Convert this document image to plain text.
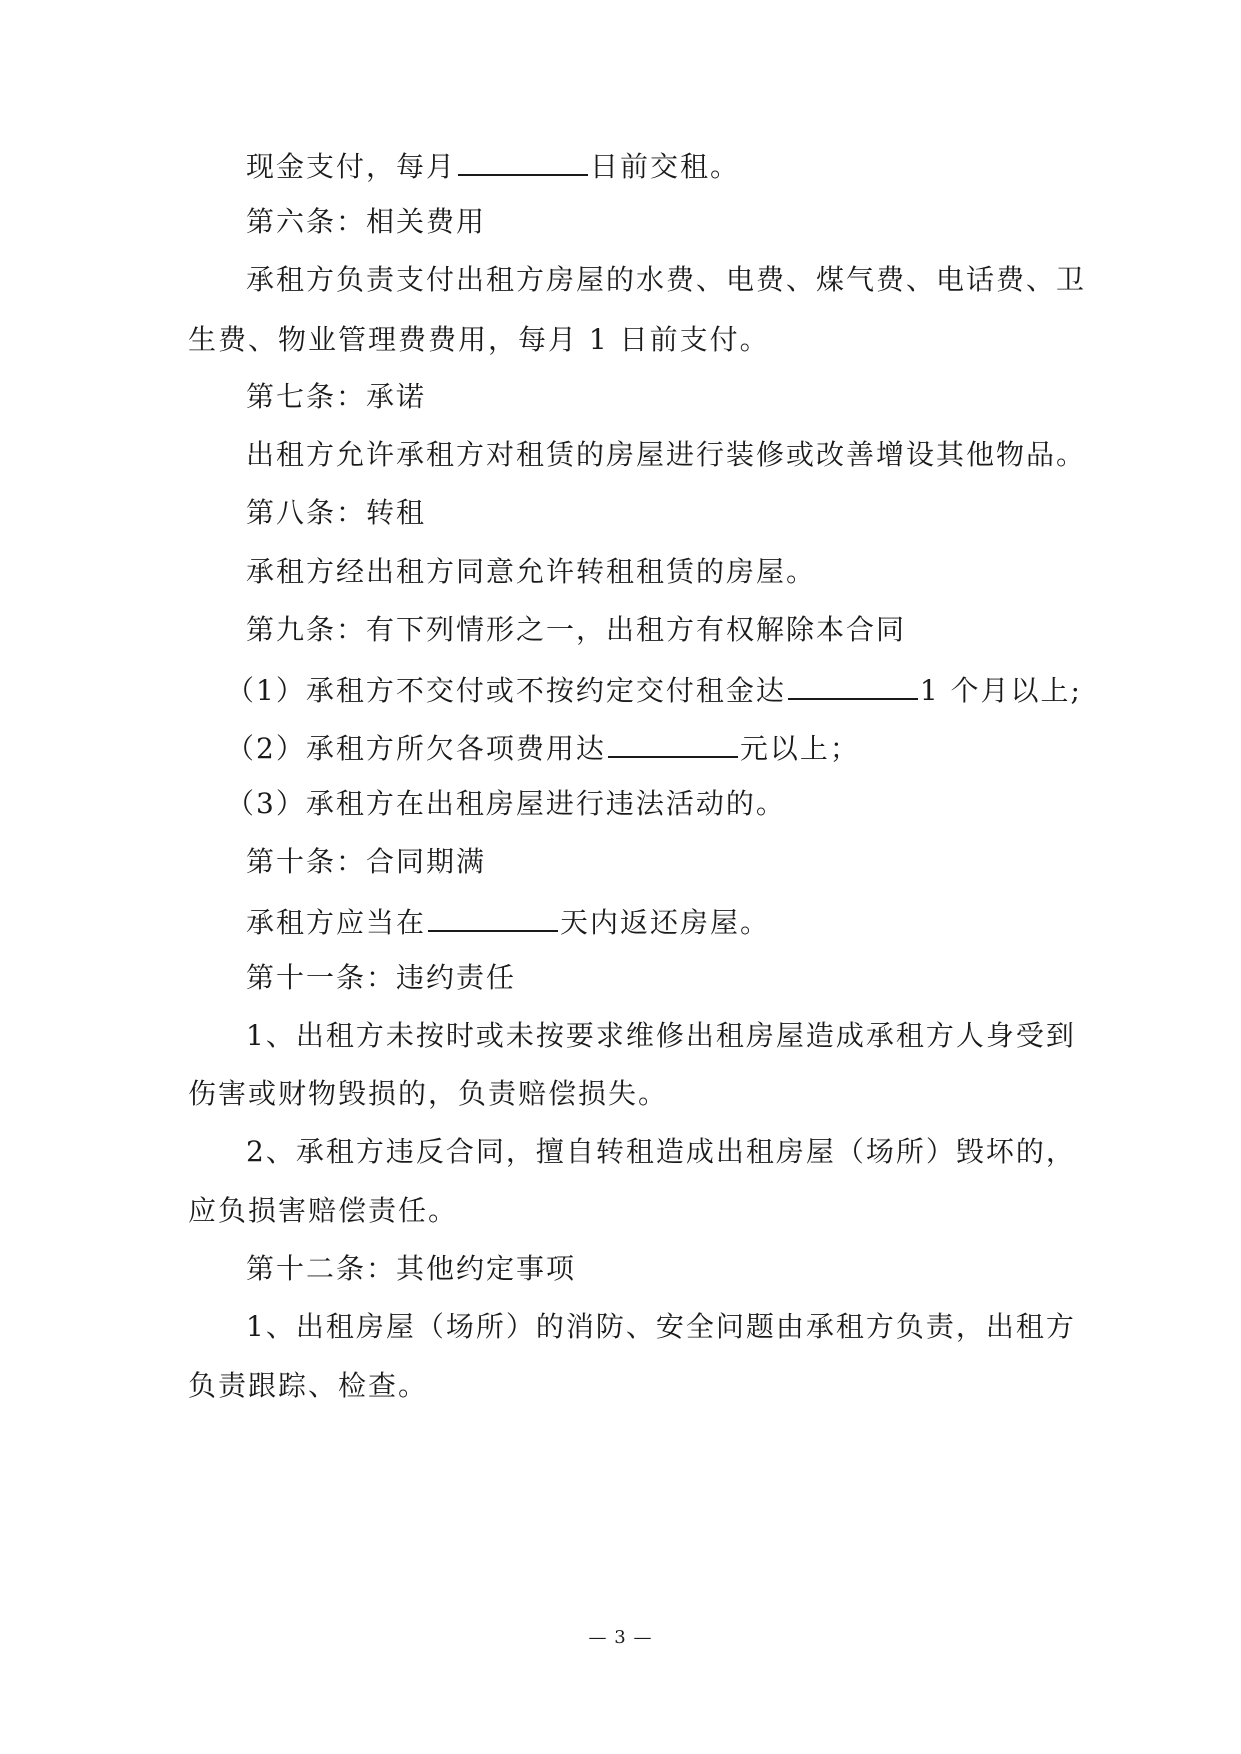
现金支付，每月	日前交租。
第六条：相关费用
承租方负责支付出租方房屋的水费、电费、煤气费、电话费、卫
生费、物业管理费费用，每月 1 日前支付。
第七条：承诺
出租方允许承租方对租赁的房屋进行装修或改善增设其他物品。
第八条：转租
承租方经出租方同意允许转租租赁的房屋。
第九条：有下列情形之一，出租方有权解除本合同
（1）承租方不交付或不按约定交付租金达	1 个月以上;
（2）承租方所欠各项费用达	元以上；
（3）承租方在出租房屋进行违法活动的。
第十条：合同期满
承租方应当在	天内返还房屋。
第十一条：违约责任
1、出租方未按时或未按要求维修出租房屋造成承租方人身受到
伤害或财物毁损的，负责赔偿损失。
2、承租方违反合同，擅自转租造成出租房屋（场所）毁坏的，
应负损害赔偿责任。
第十二条：其他约定事项
1、出租房屋（场所）的消防、安全问题由承租方负责，出租方
负责跟踪、检查。
— 3 —
